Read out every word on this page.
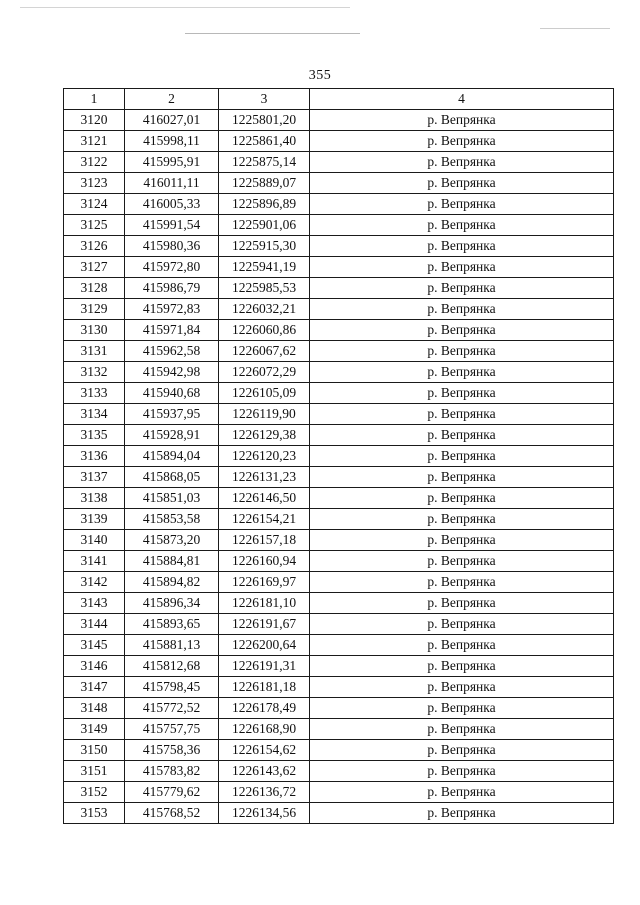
355
1	2	3	4
3120	416027,01	1225801,20	р. Вепрянка
3121	415998,11	1225861,40	р. Вепрянка
3122	415995,91	1225875,14	р. Вепрянка
3123	416011,11	1225889,07	р. Вепрянка
3124	416005,33	1225896,89	р. Вепрянка
3125	415991,54	1225901,06	р. Вепрянка
3126	415980,36	1225915,30	р. Вепрянка
3127	415972,80	1225941,19	р. Вепрянка
3128	415986,79	1225985,53	р. Вепрянка
3129	415972,83	1226032,21	р. Вепрянка
3130	415971,84	1226060,86	р. Вепрянка
3131	415962,58	1226067,62	р. Вепрянка
3132	415942,98	1226072,29	р. Вепрянка
3133	415940,68	1226105,09	р. Вепрянка
3134	415937,95	1226119,90	р. Вепрянка
3135	415928,91	1226129,38	р. Вепрянка
3136	415894,04	1226120,23	р. Вепрянка
3137	415868,05	1226131,23	р. Вепрянка
3138	415851,03	1226146,50	р. Вепрянка
3139	415853,58	1226154,21	р. Вепрянка
3140	415873,20	1226157,18	р. Вепрянка
3141	415884,81	1226160,94	р. Вепрянка
3142	415894,82	1226169,97	р. Вепрянка
3143	415896,34	1226181,10	р. Вепрянка
3144	415893,65	1226191,67	р. Вепрянка
3145	415881,13	1226200,64	р. Вепрянка
3146	415812,68	1226191,31	р. Вепрянка
3147	415798,45	1226181,18	р. Вепрянка
3148	415772,52	1226178,49	р. Вепрянка
3149	415757,75	1226168,90	р. Вепрянка
3150	415758,36	1226154,62	р. Вепрянка
3151	415783,82	1226143,62	р. Вепрянка
3152	415779,62	1226136,72	р. Вепрянка
3153	415768,52	1226134,56	р. Вепрянка
